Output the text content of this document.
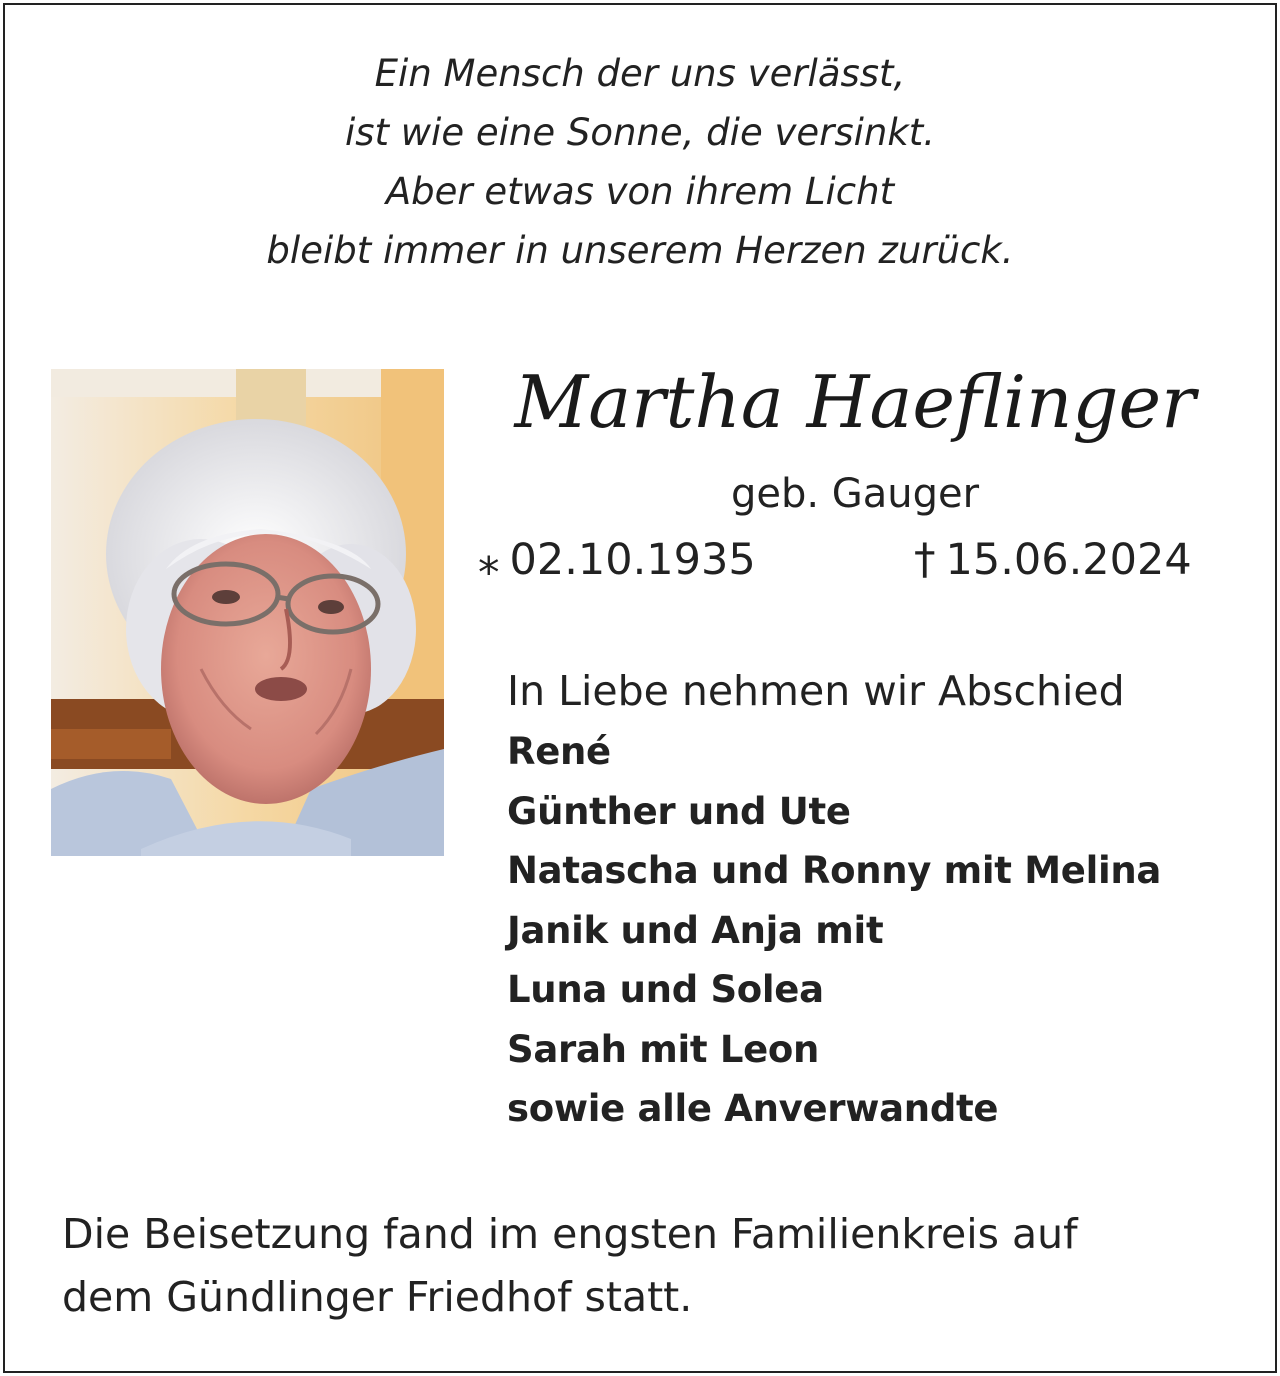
Ein Mensch der uns verlässt,
ist wie eine Sonne, die versinkt.
Aber etwas von ihrem Licht
bleibt immer in unserem Herzen zurück.
Martha Haeflinger
geb. Gauger
⁎ 02.10.1935	† 15.06.2024
In Liebe nehmen wir Abschied
René
Günther und Ute
Natascha und Ronny mit Melina
Janik und Anja mit
Luna und Solea
Sarah mit Leon
sowie alle Anverwandte
Die Beisetzung fand im engsten Familienkreis auf
dem Gündlinger Friedhof statt.
